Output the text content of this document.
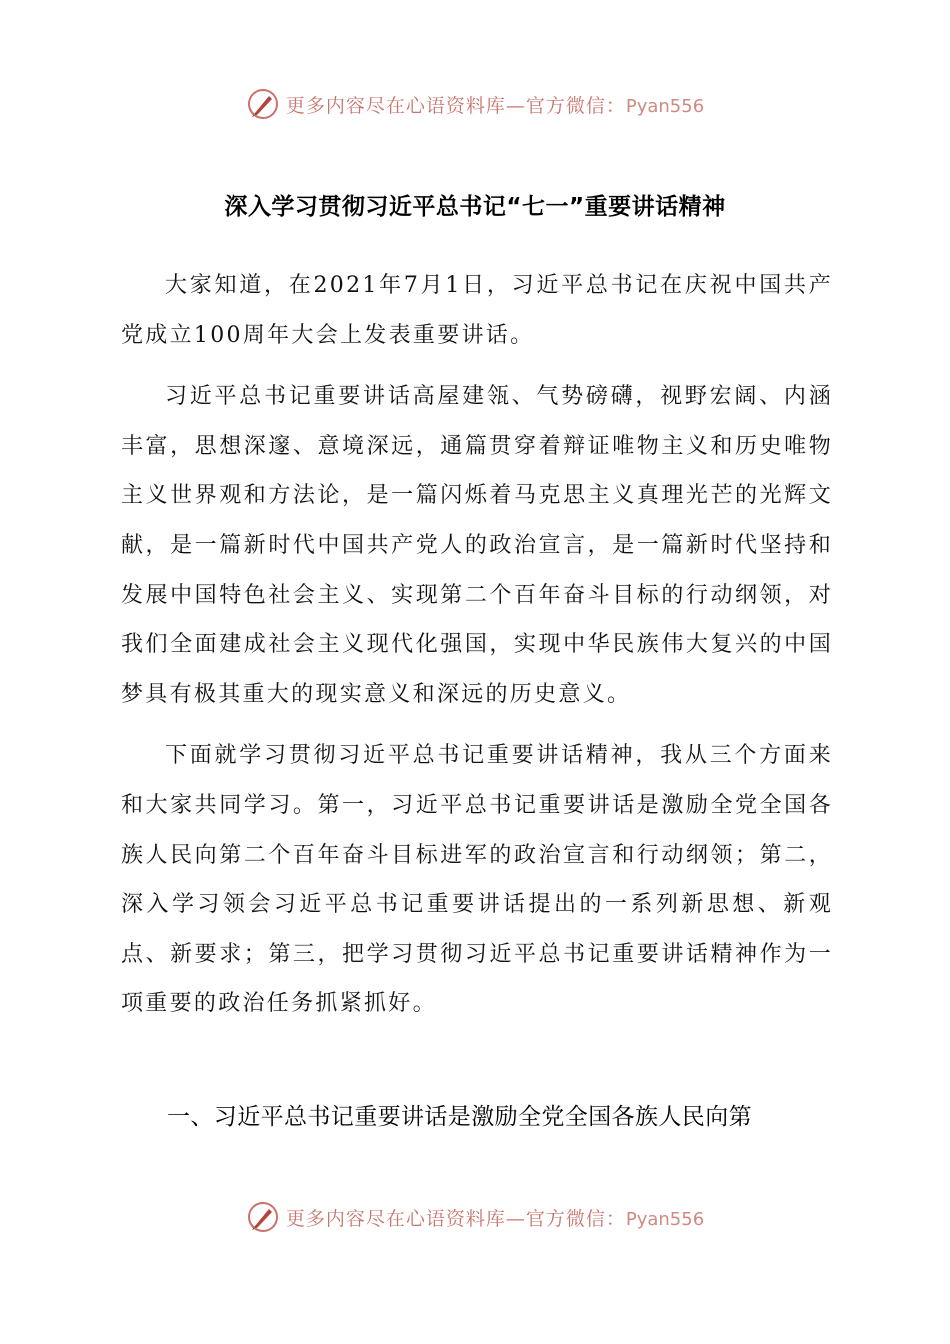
更多内容尽在心语资料库—官方微信：Pyan556
深入学习贯彻习近平总书记“七一”重要讲话精神

大家知道，在2021年7月1日，习近平总书记在庆祝中国共产党成立100周年大会上发表重要讲话。

习近平总书记重要讲话高屋建瓴、气势磅礴，视野宏阔、内涵丰富，思想深邃、意境深远，通篇贯穿着辩证唯物主义和历史唯物主义世界观和方法论，是一篇闪烁着马克思主义真理光芒的光辉文献，是一篇新时代中国共产党人的政治宣言，是一篇新时代坚持和发展中国特色社会主义、实现第二个百年奋斗目标的行动纲领，对我们全面建成社会主义现代化强国，实现中华民族伟大复兴的中国梦具有极其重大的现实意义和深远的历史意义。

下面就学习贯彻习近平总书记重要讲话精神，我从三个方面来和大家共同学习。第一，习近平总书记重要讲话是激励全党全国各族人民向第二个百年奋斗目标进军的政治宣言和行动纲领；第二，深入学习领会习近平总书记重要讲话提出的一系列新思想、新观点、新要求；第三，把学习贯彻习近平总书记重要讲话精神作为一项重要的政治任务抓紧抓好。

一、习近平总书记重要讲话是激励全党全国各族人民向第
更多内容尽在心语资料库—官方微信：Pyan556
